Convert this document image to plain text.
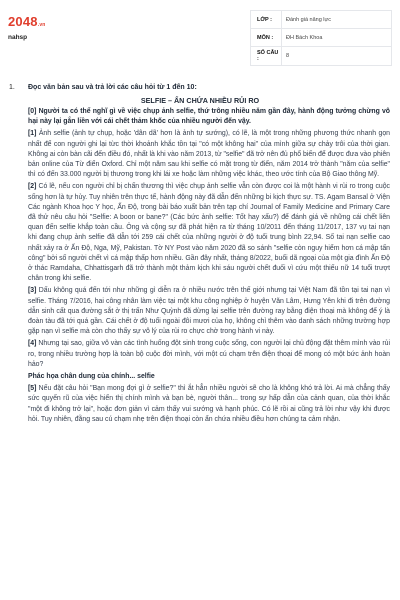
2048.vn
nahsp
LỚP :	Đánh giá năng lực
MÔN :	ĐH Bách Khoa
SỐ CÂU :	8
1. Đọc văn bản sau và trả lời các câu hỏi từ 1 đến 10:
SELFIE – ẨN CHỨA NHIỀU RỦI RO

[0] Người ta có thể nghĩ gì về việc chụp ảnh selfie, thứ trông nhiều năm gần đây, hành động tưởng chừng vô hại này lại gắn liền với cái chết thảm khốc của nhiều người đến vậy.

[1] Ảnh selfie (ảnh tự chụp, hoặc 'dân dã' hơn là ảnh tự sướng), có lẽ, là một trong những phương thức nhanh gọn nhất để con người ghi lại từc thời khoảnh khắc tồn tại "có một không hai" của mình giữa sự chảy trôi của thời gian. Không ai còn bàn cãi đến điều đó, nhất là khi vào năm 2013, từ "selfie" đã trở nên đủ phổ biến để được đưa vào phiên bản online của Từ điển Oxford. Chỉ một năm sau khi selfie có mặt trong từ điển, năm 2014 trở thành "năm của selfie" thì có đến 33.000 người bị thương trong khi lái xe hoặc làm những việc khác, theo ước tính của Bộ Giao thông Mỹ.

[2] Có lẽ, nếu con người chỉ bị chấn thương thì việc chụp ảnh selfie vẫn còn được coi là một hành vi rủi ro trong cuộc sống hơn là tự hủy. Tuy nhiên trên thực tế, hành động này đã dẫn đến những bi kịch thực sự. TS. Agam Bansal ở Viện Các ngành Khoa học Y học, Ấn Độ, trong bài báo xuất bản trên tạp chí Journal of Family Medicine and Primary Care đã thử nêu câu hỏi "Selfie: A boon or bane?" (Các bức ảnh selfie: Tốt hay xấu?) để đánh giá về những cái chết liên quan đến selfie khắp toàn cầu. Ông và cộng sự đã phát hiện ra từ tháng 10/2011 đến tháng 11/2017, 137 vụ tai nạn khi đang chụp ảnh selfie đã dẫn tới 259 cái chết của những người ở độ tuổi trung bình 22,94. Số tai nạn selfie cao nhất xảy ra ở Ấn Độ, Nga, Mỹ, Pakistan. Tờ NY Post vào năm 2020 đã so sánh "selfie còn nguy hiểm hơn cá mập tấn công" bởi số người chết vì cá mập thấp hơn nhiều. Gần đây nhất, tháng 8/2022, buổi dã ngoại của một gia đình Ấn Độ ở thác Ramdaha, Chhattisgarh đã trở thành một thảm kịch khi sáu người chết đuối vì cứu một thiếu nữ 14 tuổi trượt chân trong khi selfie.

[3] Dấu không quá đến tới như những gì diễn ra ở nhiều nước trên thế giới nhưng tại Việt Nam đã tồn tại tai nạn vì selfie. Tháng 7/2016, hai công nhân làm việc tại một khu công nghiệp ở huyện Văn Lâm, Hưng Yên khi đi trên đường dẫn sinh cất qua đường sắt ở thị trấn Như Quỳnh đã dừng lại selfie trên đường ray bằng điện thoại mà không để ý là đoàn tàu đã tới quá gần. Cái chết ở độ tuổi ngoài đôi mươi của họ, không chỉ thêm vào danh sách những trường hợp gặp nạn vì selfie mà còn cho thấy sự vô lý của rủi ro chực chờ trong hành vi này.

[4] Nhưng tại sao, giữa vô vàn các tình huống đột sinh trong cuộc sống, con người lại chủ động đặt thêm mình vào rủi ro, trong nhiều trường hợp là toàn bộ cuộc đời mình, với một cú chạm trên điện thoại để mong có một bức ảnh hoàn hảo?

Phác họa chân dung của chính... selfie

[5] Nếu đặt câu hỏi "Bạn mong đợi gì ở selfie?" thì ắt hẳn nhiều người sẽ cho là không khó trả lời. Ai mà chẳng thấy sức quyến rũ của việc hiển thị chính mình và bạn bè, người thân... trong sự hấp dẫn của cảnh quan, của thời khắc "một đi không trở lại", hoặc đơn giản vì cảm thấy vui sướng và hạnh phúc. Có lẽ rồi ai cũng trả lời như vậy khi được hỏi. Tuy nhiên, đằng sau cú chạm nhẹ trên điện thoại còn ẩn chứa nhiều điều hơn chúng ta cảm nhận.
